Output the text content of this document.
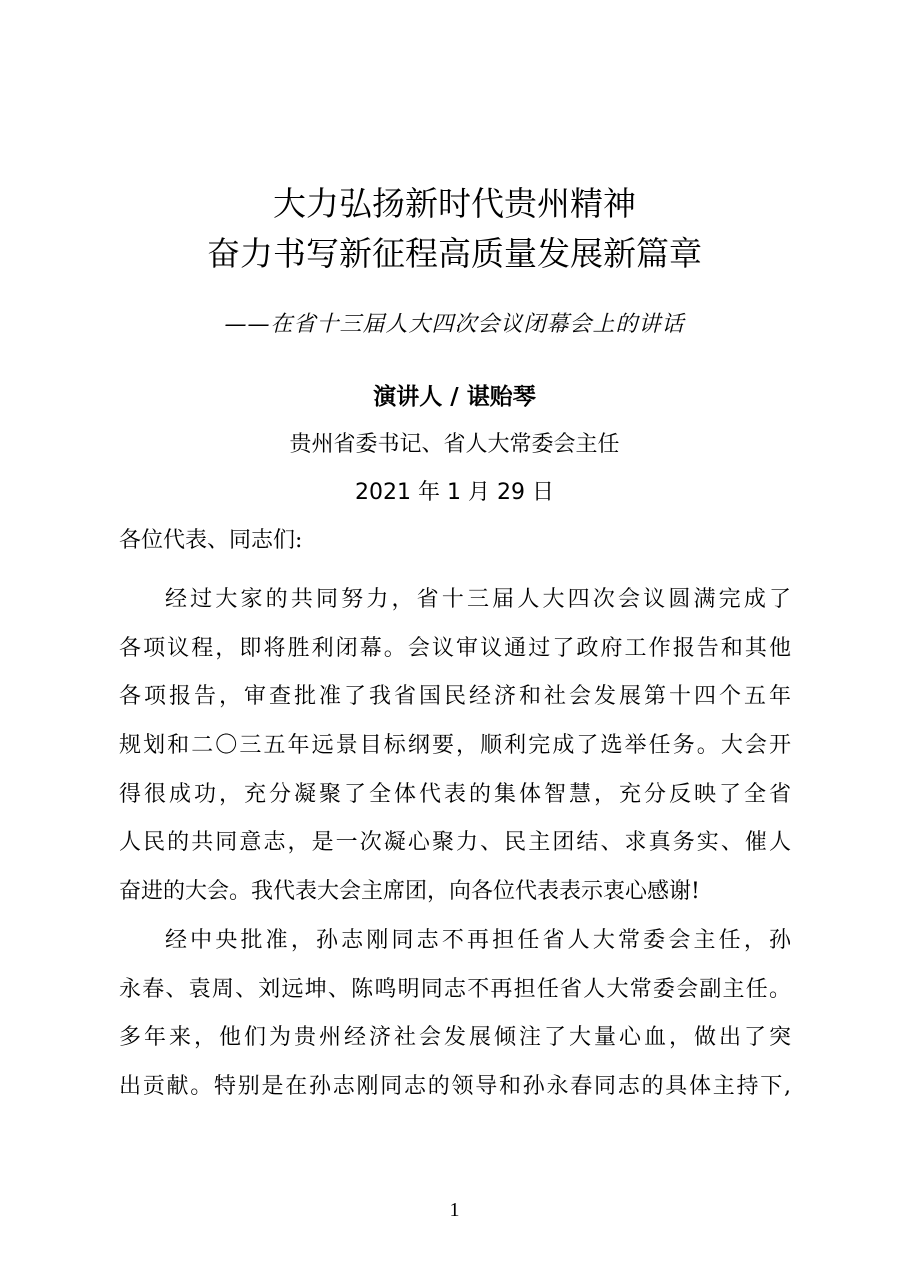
大力弘扬新时代贵州精神
奋力书写新征程高质量发展新篇章
——在省十三届人大四次会议闭幕会上的讲话
演讲人 / 谌贻琴
贵州省委书记、省人大常委会主任
2021 年 1 月 29 日
各位代表、同志们:
经过大家的共同努力，省十三届人大四次会议圆满完成了
各项议程，即将胜利闭幕。会议审议通过了政府工作报告和其他
各项报告，审查批准了我省国民经济和社会发展第十四个五年
规划和二〇三五年远景目标纲要，顺利完成了选举任务。大会开
得很成功，充分凝聚了全体代表的集体智慧，充分反映了全省
人民的共同意志，是一次凝心聚力、民主团结、求真务实、催人
奋进的大会。我代表大会主席团，向各位代表表示衷心感谢!
经中央批准，孙志刚同志不再担任省人大常委会主任，孙
永春、袁周、刘远坤、陈鸣明同志不再担任省人大常委会副主任。
多年来，他们为贵州经济社会发展倾注了大量心血，做出了突
出贡献。特别是在孙志刚同志的领导和孙永春同志的具体主持下,
1
